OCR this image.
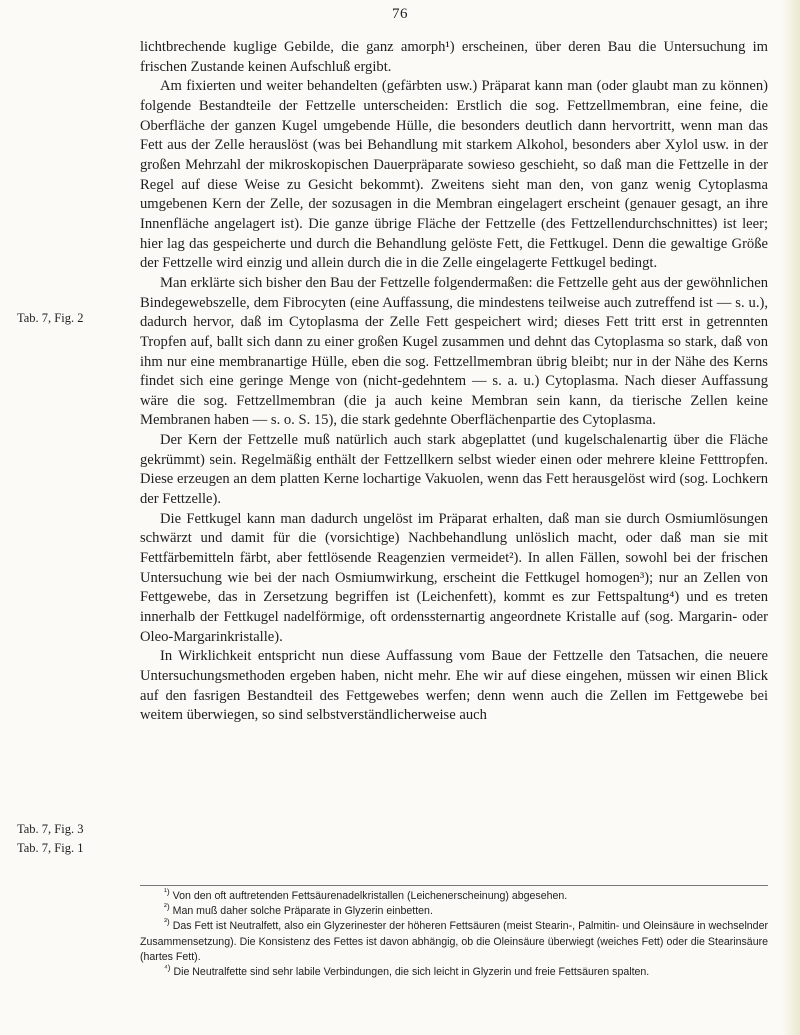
76
Tab. 7, Fig. 2
Tab. 7, Fig. 3
Tab. 7, Fig. 1

lichtbrechende kuglige Gebilde, die ganz amorph¹) erscheinen, über deren Bau die Untersuchung im frischen Zustande keinen Aufschluß ergibt.

Am fixierten und weiter behandelten (gefärbten usw.) Präparat kann man (oder glaubt man zu können) folgende Bestandteile der Fettzelle unterscheiden: Erstlich die sog. Fettzellmembran, eine feine, die Oberfläche der ganzen Kugel umgebende Hülle, die besonders deutlich dann hervortritt, wenn man das Fett aus der Zelle herauslöst (was bei Behandlung mit starkem Alkohol, besonders aber Xylol usw. in der großen Mehrzahl der mikroskopischen Dauerpräparate sowieso geschieht, so daß man die Fettzelle in der Regel auf diese Weise zu Gesicht bekommt). Zweitens sieht man den, von ganz wenig Cytoplasma umgebenen Kern der Zelle, der sozusagen in die Membran eingelagert erscheint (genauer gesagt, an ihre Innenfläche angelagert ist). Die ganze übrige Fläche der Fettzelle (des Fettzellendurchschnittes) ist leer; hier lag das gespeicherte und durch die Behandlung gelöste Fett, die Fettkugel. Denn die gewaltige Größe der Fettzelle wird einzig und allein durch die in die Zelle eingelagerte Fettkugel bedingt.

Man erklärte sich bisher den Bau der Fettzelle folgendermaßen: die Fettzelle geht aus der gewöhnlichen Bindegewebszelle, dem Fibrocyten (eine Auffassung, die mindestens teilweise auch zutreffend ist — s. u.), dadurch hervor, daß im Cytoplasma der Zelle Fett gespeichert wird; dieses Fett tritt erst in getrennten Tropfen auf, ballt sich dann zu einer großen Kugel zusammen und dehnt das Cytoplasma so stark, daß von ihm nur eine membranartige Hülle, eben die sog. Fettzellmembran übrig bleibt; nur in der Nähe des Kerns findet sich eine geringe Menge von (nicht-gedehntem — s. a. u.) Cytoplasma. Nach dieser Auffassung wäre die sog. Fettzellmembran (die ja auch keine Membran sein kann, da tierische Zellen keine Membranen haben — s. o. S. 15), die stark gedehnte Oberflächenpartie des Cytoplasma.

Der Kern der Fettzelle muß natürlich auch stark abgeplattet (und kugelschalenartig über die Fläche gekrümmt) sein. Regelmäßig enthält der Fettzellkern selbst wieder einen oder mehrere kleine Fetttropfen. Diese erzeugen an dem platten Kerne lochartige Vakuolen, wenn das Fett herausgelöst wird (sog. Lochkern der Fettzelle).

Die Fettkugel kann man dadurch ungelöst im Präparat erhalten, daß man sie durch Osmiumlösungen schwärzt und damit für die (vorsichtige) Nachbehandlung unlöslich macht, oder daß man sie mit Fettfärbemitteln färbt, aber fettlösende Reagenzien vermeidet²). In allen Fällen, sowohl bei der frischen Untersuchung wie bei der nach Osmiumwirkung, erscheint die Fettkugel homogen³); nur an Zellen von Fettgewebe, das in Zersetzung begriffen ist (Leichenfett), kommt es zur Fettspaltung⁴) und es treten innerhalb der Fettkugel nadelförmige, oft ordenssternartig angeordnete Kristalle auf (sog. Margarin- oder Oleo-Margarinkristalle).

In Wirklichkeit entspricht nun diese Auffassung vom Baue der Fettzelle den Tatsachen, die neuere Untersuchungsmethoden ergeben haben, nicht mehr. Ehe wir auf diese eingehen, müssen wir einen Blick auf den fasrigen Bestandteil des Fettgewebes werfen; denn wenn auch die Zellen im Fettgewebe bei weitem überwiegen, so sind selbstverständlicherweise auch

$^{^1)}$ Von den oft auftretenden Fettsäurenadelkristallen (Leichenerscheinung) abgesehen.

$^{^2)}$ Man muß daher solche Präparate in Glyzerin einbetten.

$^{^3)}$ Das Fett ist Neutralfett, also ein Glyzerinester der höheren Fettsäuren (meist Stearin-, Palmitin- und Oleinsäure in wechselnder Zusammensetzung). Die Konsistenz des Fettes ist davon abhängig, ob die Oleinsäure überwiegt (weiches Fett) oder die Stearinsäure (hartes Fett).

$^{^4)}$ Die Neutralfette sind sehr labile Verbindungen, die sich leicht in Glyzerin und freie Fettsäuren spalten.
